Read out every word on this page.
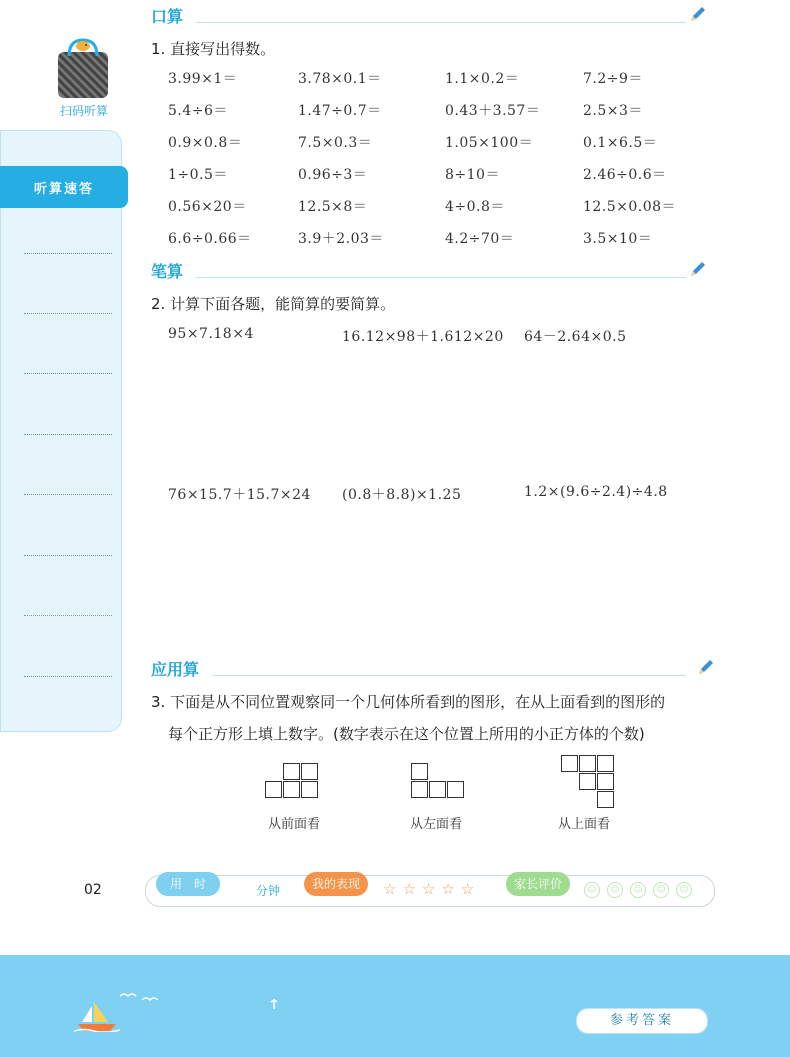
扫码听算
听算速答
口算
1. 直接写出得数。
3.99×1＝	3.78×0.1＝	1.1×0.2＝	7.2÷9＝
5.4÷6＝	1.47÷0.7＝	0.43＋3.57＝	2.5×3＝
0.9×0.8＝	7.5×0.3＝	1.05×100＝	0.1×6.5＝
1÷0.5＝	0.96÷3＝	8÷10＝	2.46÷0.6＝
0.56×20＝	12.5×8＝	4÷0.8＝	12.5×0.08＝
6.6÷0.66＝	3.9＋2.03＝	4.2÷70＝	3.5×10＝
笔算
2. 计算下面各题，能简算的要简算。
95×7.18×4	16.12×98＋1.612×20 64－2.64×0.5
76×15.7＋15.7×24 (0.8＋8.8)×1.25	1.2×(9.6÷2.4)÷4.8
应用算
3. 下面是从不同位置观察同一个几何体所看到的图形，在从上面看到的图形的
每个正方形上填上数字。(数字表示在这个位置上所用的小正方体的个数)
从前面看	从左面看	从上面看
02	用　时	分钟	我的表现	☆ ☆ ☆ ☆ ☆	家长评价	☺	☺	☺	☺	☺
参考答案
